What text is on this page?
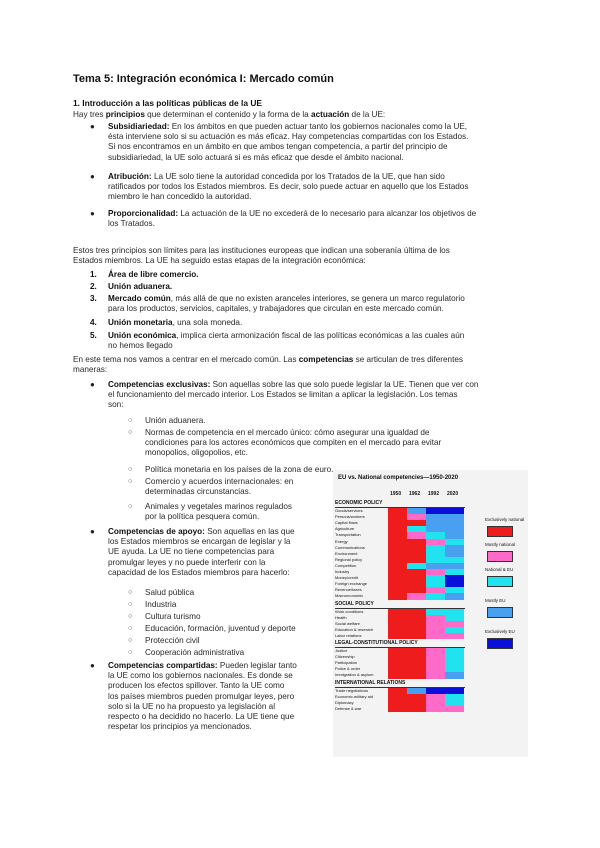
Tema 5: Integración económica I: Mercado común
1. Introducción a las políticas públicas de la UE
Hay tres principios que determinan el contenido y la forma de la actuación de la UE:
● Subsidiariedad: En los ámbitos en que pueden actuar tanto los gobiernos nacionales como la UE,
ésta interviene solo si su actuación es más eficaz. Hay competencias compartidas con los Estados.
Si nos encontramos en un ámbito en que ambos tengan competencia, a partir del principio de
subsidiariedad, la UE solo actuará si es más eficaz que desde el ámbito nacional.
● Atribución: La UE solo tiene la autoridad concedida por los Tratados de la UE, que han sido
ratificados por todos los Estados miembros. Es decir, solo puede actuar en aquello que los Estados
miembro le han concedido la autoridad.
● Proporcionalidad: La actuación de la UE no excederá de lo necesario para alcanzar los objetivos de
los Tratados.
Estos tres principios son límites para las instituciones europeas que indican una soberanía última de los
Estados miembros. La UE ha seguido estas etapas de la integración económica:
1. Área de libre comercio.
2. Unión aduanera.
3. Mercado común, más allá de que no existen aranceles interiores, se genera un marco regulatorio
para los productos, servicios, capitales, y trabajadores que circulan en este mercado común.
4. Unión monetaria, una sola moneda.
5. Unión económica, implica cierta armonización fiscal de las políticas económicas a las cuales aún
no hemos llegado
En este tema nos vamos a centrar en el mercado común. Las competencias se articulan de tres diferentes
maneras:
● Competencias exclusivas: Son aquellas sobre las que solo puede legislar la UE. Tienen que ver con
el funcionamiento del mercado interior. Los Estados se limitan a aplicar la legislación. Los temas
son:
○ Unión aduanera.
○ Normas de competencia en el mercado único: cómo asegurar una igualdad de
condiciones para los actores económicos que compiten en el mercado para evitar
monopolios, oligopolios, etc.
○ Política monetaria en los países de la zona de euro.
○ Comercio y acuerdos internacionales: en
determinadas circunstancias.
○ Animales y vegetales marinos regulados
por la política pesquera común.
● Competencias de apoyo: Son aquellas en las que
los Estados miembros se encargan de legislar y la
UE ayuda. La UE no tiene competencias para
promulgar leyes y no puede interferir con la
capacidad de los Estados miembros para hacerlo:
○ Salud pública
○ Industria
○ Cultura turismo
○ Educación, formación, juventud y deporte
○ Protección civil
○ Cooperación administrativa
● Competencias compartidas: Pueden legislar tanto
la UE como los gobiernos nacionales. Es donde se
producen los efectos spillover. Tanto la UE como
los países miembros pueden promulgar leyes, pero
solo si la UE no ha propuesto ya legislación al
respecto o ha decidido no hacerlo. La UE tiene que
respetar los principios ya mencionados.
EU vs. National competencies—1950-2020
1950 1962 1992 2020
ECONOMIC POLICY
Goods/services
Persons/workers
Capital flows
Agriculture
Transportation
Energy
Communications
Environment
Regional policy
Competition
Industry
Money/credit
Foreign exchange
Revenue/taxes
Macroeconomic
SOCIAL POLICY
Work conditions
Health
Social welfare
Education & research
Labor relations
LEGAL-CONSTITUTIONAL POLICY
Justice
Citizenship
Participation
Police & order
Immigration & asylum
INTERNATIONAL RELATIONS
Trade negotiations
Economic-military aid
Diplomacy
Defense & war
Exclusively national
Mostly national
National & EU
Mostly EU
Exclusively EU
